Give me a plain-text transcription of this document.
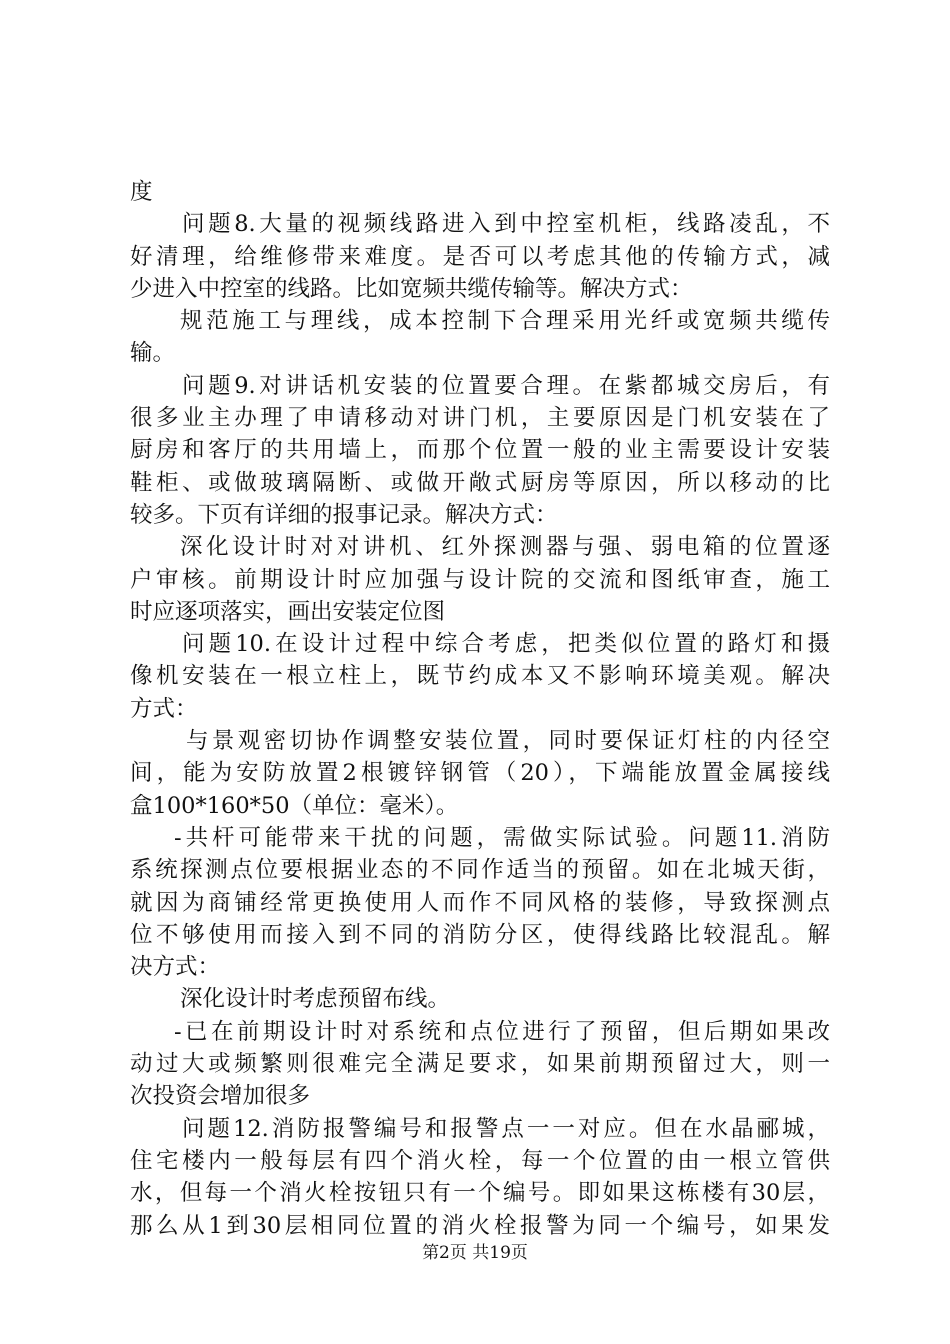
度
问题8.大量的视频线路进入到中控室机柜，线路凌乱，不
好清理，给维修带来难度。是否可以考虑其他的传输方式，减
少进入中控室的线路。比如宽频共缆传输等。解决方式：
规范施工与理线，成本控制下合理采用光纤或宽频共缆传
输。
问题9.对讲话机安装的位置要合理。在紫都城交房后，有
很多业主办理了申请移动对讲门机，主要原因是门机安装在了
厨房和客厅的共用墙上，而那个位置一般的业主需要设计安装
鞋柜、或做玻璃隔断、或做开敞式厨房等原因，所以移动的比
较多。下页有详细的报事记录。解决方式：
深化设计时对对讲机、红外探测器与强、弱电箱的位置逐
户审核。前期设计时应加强与设计院的交流和图纸审查，施工
时应逐项落实，画出安装定位图
问题10.在设计过程中综合考虑，把类似位置的路灯和摄
像机安装在一根立柱上，既节约成本又不影响环境美观。解决
方式：
与景观密切协作调整安装位置，同时要保证灯柱的内径空
间，能为安防放置2根镀锌钢管（20），下端能放置金属接线
盒100*160*50（单位：毫米）。
-共杆可能带来干扰的问题，需做实际试验。问题11.消防
系统探测点位要根据业态的不同作适当的预留。如在北城天街，
就因为商铺经常更换使用人而作不同风格的装修，导致探测点
位不够使用而接入到不同的消防分区，使得线路比较混乱。解
决方式：
深化设计时考虑预留布线。
-已在前期设计时对系统和点位进行了预留，但后期如果改
动过大或频繁则很难完全满足要求，如果前期预留过大，则一
次投资会增加很多
问题12.消防报警编号和报警点一一对应。但在水晶郦城，
住宅楼内一般每层有四个消火栓，每一个位置的由一根立管供
水，但每一个消火栓按钮只有一个编号。即如果这栋楼有30层，
那么从1到30层相同位置的消火栓报警为同一个编号，如果发
第2页 共19页
